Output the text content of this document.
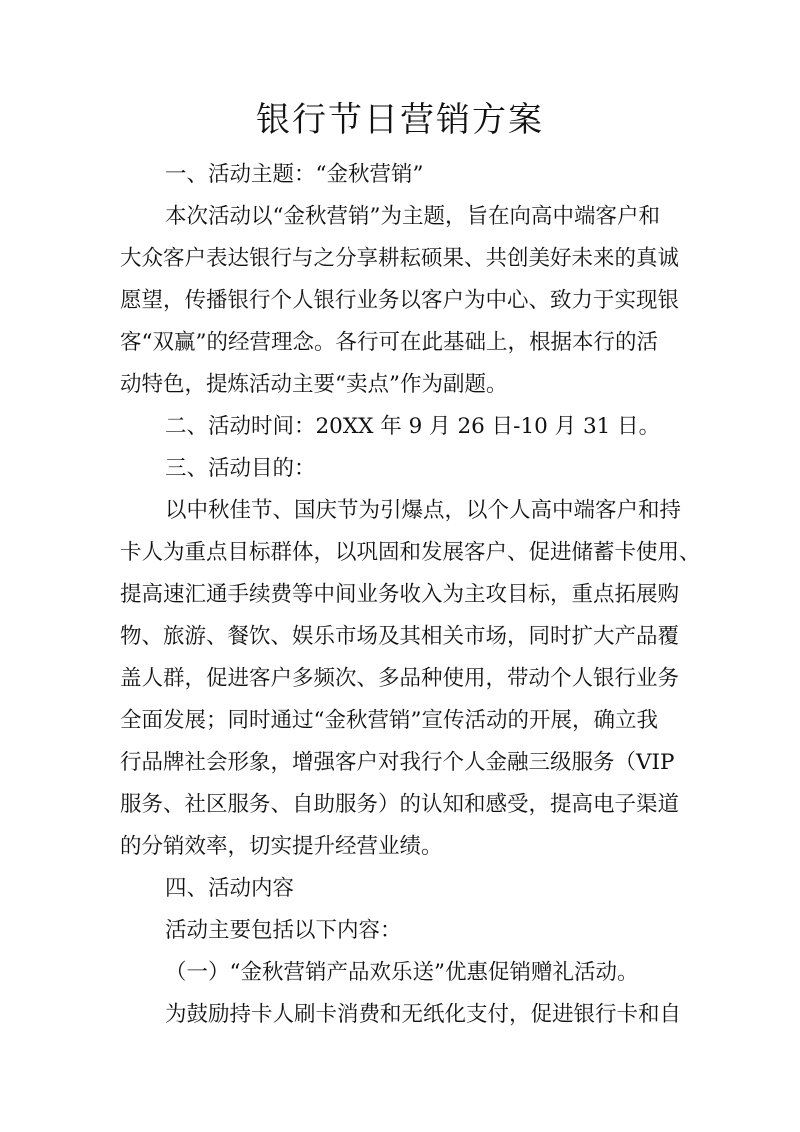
银行节日营销方案

一、活动主题：“金秋营销”

本次活动以“金秋营销”为主题，旨在向高中端客户和

大众客户表达银行与之分享耕耘硕果、共创美好未来的真诚

愿望，传播银行个人银行业务以客户为中心、致力于实现银

客“双赢”的经营理念。各行可在此基础上，根据本行的活

动特色，提炼活动主要“卖点”作为副题。

二、活动时间：20XX 年 9 月 26 日-10 月 31 日。

三、活动目的：

以中秋佳节、国庆节为引爆点，以个人高中端客户和持

卡人为重点目标群体，以巩固和发展客户、促进储蓄卡使用、

提高速汇通手续费等中间业务收入为主攻目标，重点拓展购

物、旅游、餐饮、娱乐市场及其相关市场，同时扩大产品覆

盖人群，促进客户多频次、多品种使用，带动个人银行业务

全面发展；同时通过“金秋营销”宣传活动的开展，确立我

行品牌社会形象，增强客户对我行个人金融三级服务（VIP

服务、社区服务、自助服务）的认知和感受，提高电子渠道

的分销效率，切实提升经营业绩。

四、活动内容

活动主要包括以下内容：

（一）“金秋营销产品欢乐送”优惠促销赠礼活动。

为鼓励持卡人刷卡消费和无纸化支付，促进银行卡和自
